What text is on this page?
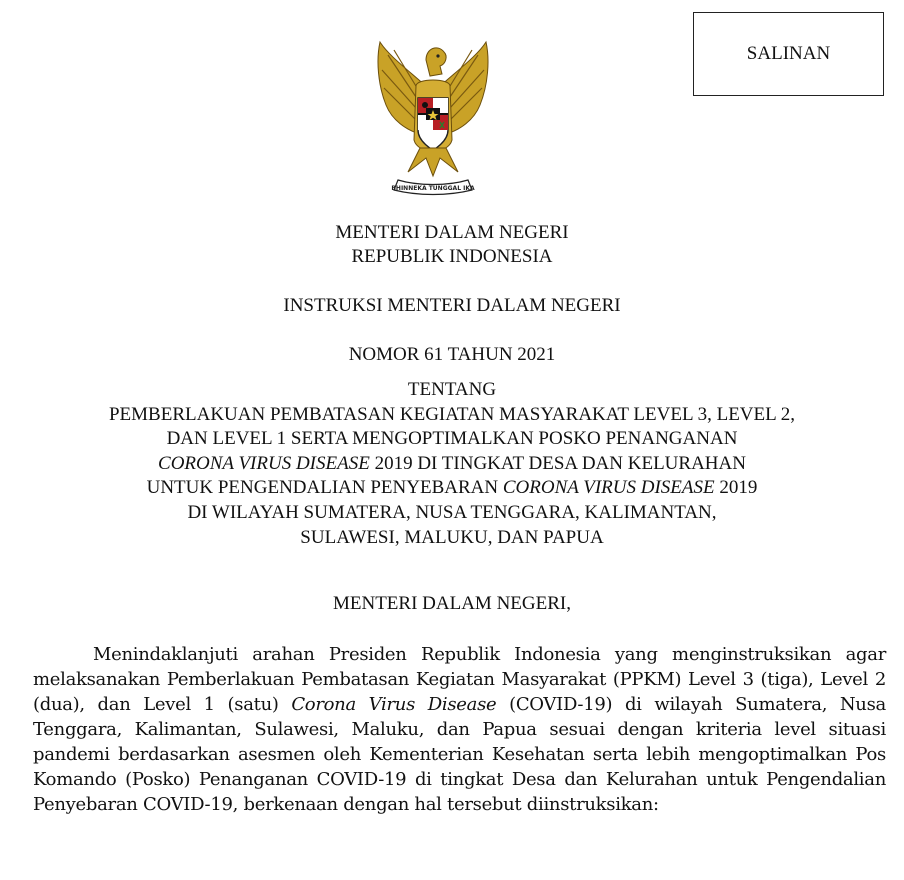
SALINAN
BHINNEKA TUNGGAL IKA
MENTERI DALAM NEGERI
REPUBLIK INDONESIA
INSTRUKSI MENTERI DALAM NEGERI
NOMOR 61 TAHUN 2021
TENTANG
PEMBERLAKUAN PEMBATASAN KEGIATAN MASYARAKAT LEVEL 3, LEVEL 2,
DAN LEVEL 1 SERTA MENGOPTIMALKAN POSKO PENANGANAN
CORONA VIRUS DISEASE 2019 DI TINGKAT DESA DAN KELURAHAN
UNTUK PENGENDALIAN PENYEBARAN CORONA VIRUS DISEASE 2019
DI WILAYAH SUMATERA, NUSA TENGGARA, KALIMANTAN,
SULAWESI, MALUKU, DAN PAPUA
MENTERI DALAM NEGERI,
Menindaklanjuti arahan Presiden Republik Indonesia yang menginstruksikan agar melaksanakan Pemberlakuan Pembatasan Kegiatan Masyarakat (PPKM) Level 3 (tiga), Level 2 (dua), dan Level 1 (satu) Corona Virus Disease (COVID-19) di wilayah Sumatera, Nusa Tenggara, Kalimantan, Sulawesi, Maluku, dan Papua sesuai dengan kriteria level situasi pandemi berdasarkan asesmen oleh Kementerian Kesehatan serta lebih mengoptimalkan Pos Komando (Posko) Penanganan COVID-19 di tingkat Desa dan Kelurahan untuk Pengendalian Penyebaran COVID-19, berkenaan dengan hal tersebut diinstruksikan:
